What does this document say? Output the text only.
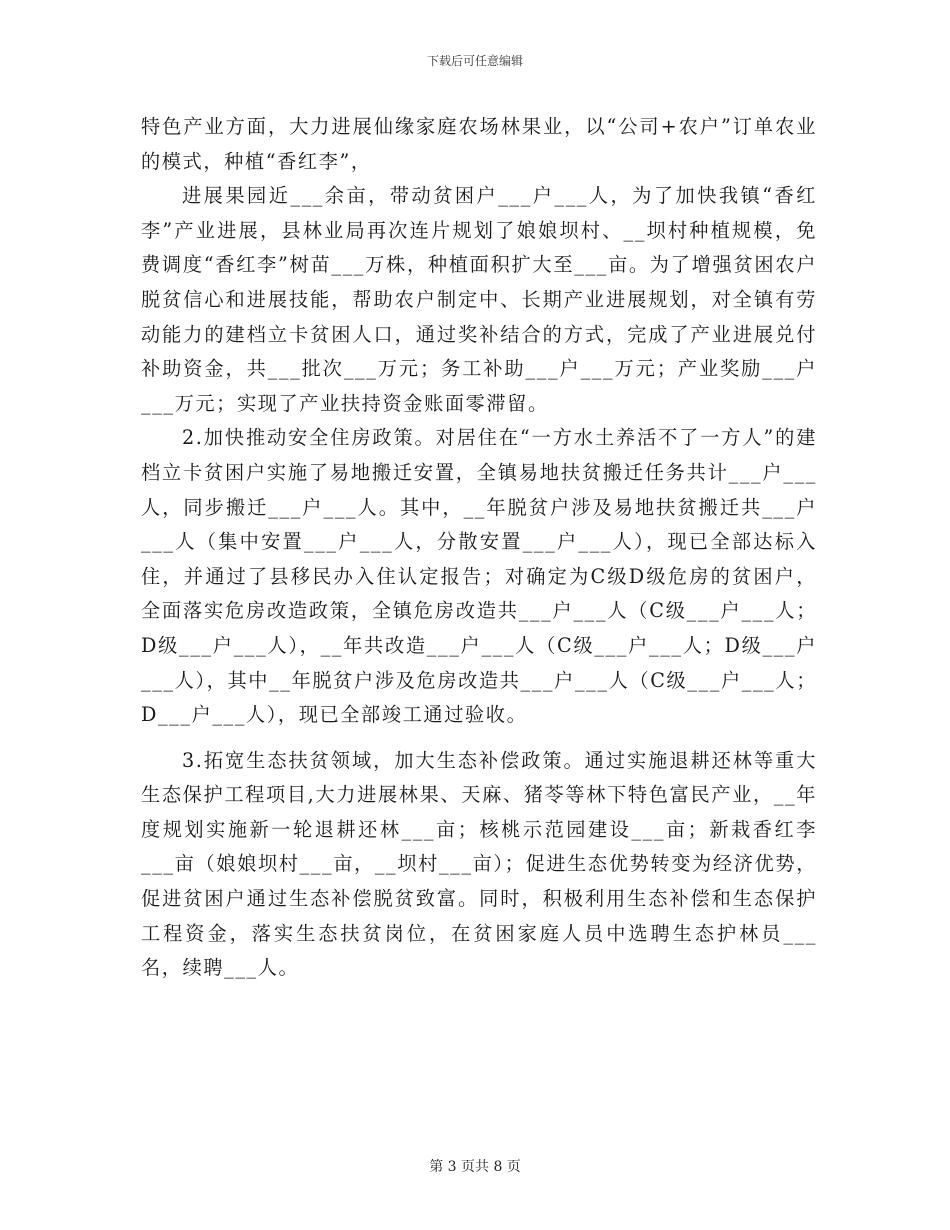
下载后可任意编辑

特色产业方面，大力进展仙缘家庭农场林果业，以“公司+农户”订单农业的模式，种植“香红李”，

进展果园近___余亩，带动贫困户___户___人，为了加快我镇“香红李”产业进展，县林业局再次连片规划了娘娘坝村、__坝村种植规模，免费调度“香红李”树苗___万株，种植面积扩大至___亩。为了增强贫困农户脱贫信心和进展技能，帮助农户制定中、长期产业进展规划，对全镇有劳动能力的建档立卡贫困人口，通过奖补结合的方式，完成了产业进展兑付补助资金，共___批次___万元；务工补助___户___万元；产业奖励___户___万元；实现了产业扶持资金账面零滞留。

2.加快推动安全住房政策。对居住在“一方水土养活不了一方人”的建档立卡贫困户实施了易地搬迁安置，全镇易地扶贫搬迁任务共计___户___人，同步搬迁___户___人。其中，__年脱贫户涉及易地扶贫搬迁共___户___人（集中安置___户___人，分散安置___户___人），现已全部达标入住，并通过了县移民办入住认定报告；对确定为C级D级危房的贫困户，全面落实危房改造政策，全镇危房改造共___户___人（C级___户___人；D级___户___人），__年共改造___户___人（C级___户___人；D级___户___人），其中__年脱贫户涉及危房改造共___户___人（C级___户___人；D___户___人），现已全部竣工通过验收。

3.拓宽生态扶贫领域，加大生态补偿政策。通过实施退耕还林等重大生态保护工程项目,大力进展林果、天麻、猪苓等林下特色富民产业，__年度规划实施新一轮退耕还林___亩；核桃示范园建设___亩；新栽香红李___亩（娘娘坝村___亩，__坝村___亩）；促进生态优势转变为经济优势，促进贫困户通过生态补偿脱贫致富。同时，积极利用生态补偿和生态保护工程资金，落实生态扶贫岗位，在贫困家庭人员中选聘生态护林员___名，续聘___人。

第 3 页共 8 页
